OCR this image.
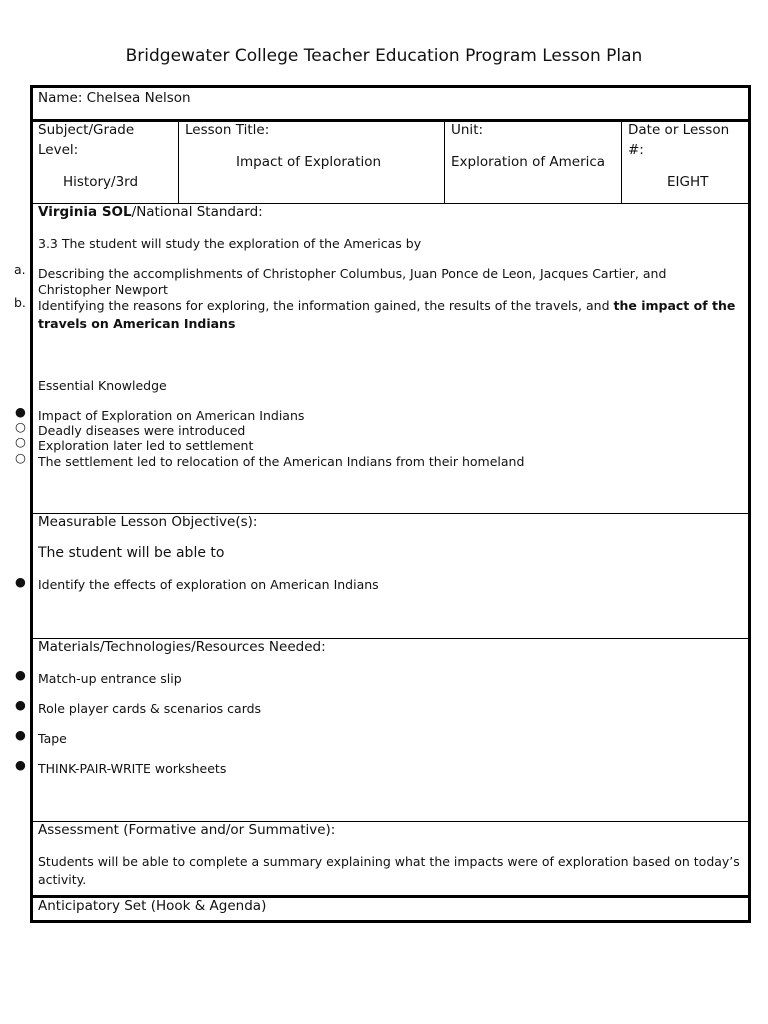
Bridgewater College Teacher Education Program Lesson Plan
a.
b.
●
○
○
○
●
●
●
●
●
Name: Chelsea Nelson
Subject/Grade
Level:
History/3rd
Lesson Title:
Impact of Exploration
Unit:
Exploration of America
Date or Lesson
#:
EIGHT
Virginia SOL/National Standard:
3.3 The student will study the exploration of the Americas by
Describing the accomplishments of Christopher Columbus, Juan Ponce de Leon, Jacques Cartier, and
Christopher Newport
Identifying the reasons for exploring, the information gained, the results of the travels, and the impact of the
travels on American Indians
Essential Knowledge
Impact of Exploration on American Indians
Deadly diseases were introduced
Exploration later led to settlement
The settlement led to relocation of the American Indians from their homeland
Measurable Lesson Objective(s):
The student will be able to
Identify the effects of exploration on American Indians
Materials/Technologies/Resources Needed:
Match-up entrance slip
Role player cards & scenarios cards
Tape
THINK-PAIR-WRITE worksheets
Assessment (Formative and/or Summative):
Students will be able to complete a summary explaining what the impacts were of exploration based on today’s
activity.
Anticipatory Set (Hook & Agenda)
